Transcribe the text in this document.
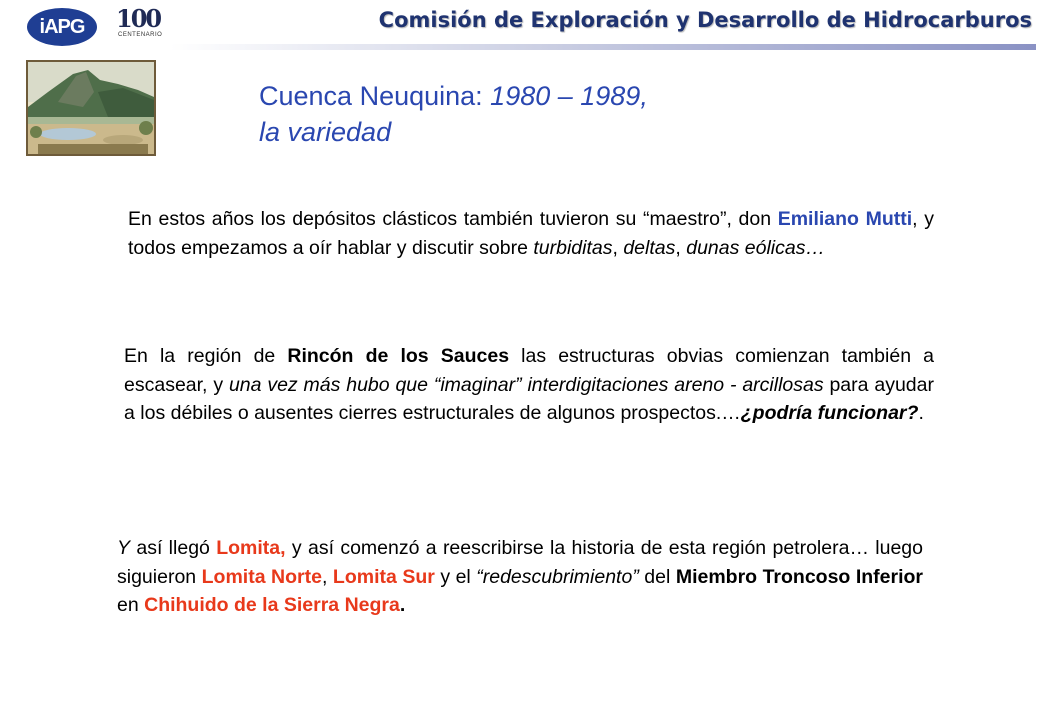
iAPG 100
CENTENARIO
Comisión de Exploración y Desarrollo de Hidrocarburos
Cuenca Neuquina: 1980 – 1989,
la variedad

En estos años los depósitos clásticos también tuvieron su “maestro”, don Emiliano Mutti, y todos empezamos a oír hablar y discutir sobre turbiditas, deltas, dunas eólicas…

En la región de Rincón de los Sauces las estructuras obvias comienzan también a escasear, y una vez más hubo que “imaginar” interdigitaciones areno - arcillosas para ayudar a los débiles o ausentes cierres estructurales de algunos prospectos.…¿podría funcionar?.

Y así llegó Lomita, y así comenzó a reescribirse la historia de esta región petrolera… luego siguieron Lomita Norte, Lomita Sur y el “redescubrimiento” del Miembro Troncoso Inferior en Chihuido de la Sierra Negra.
